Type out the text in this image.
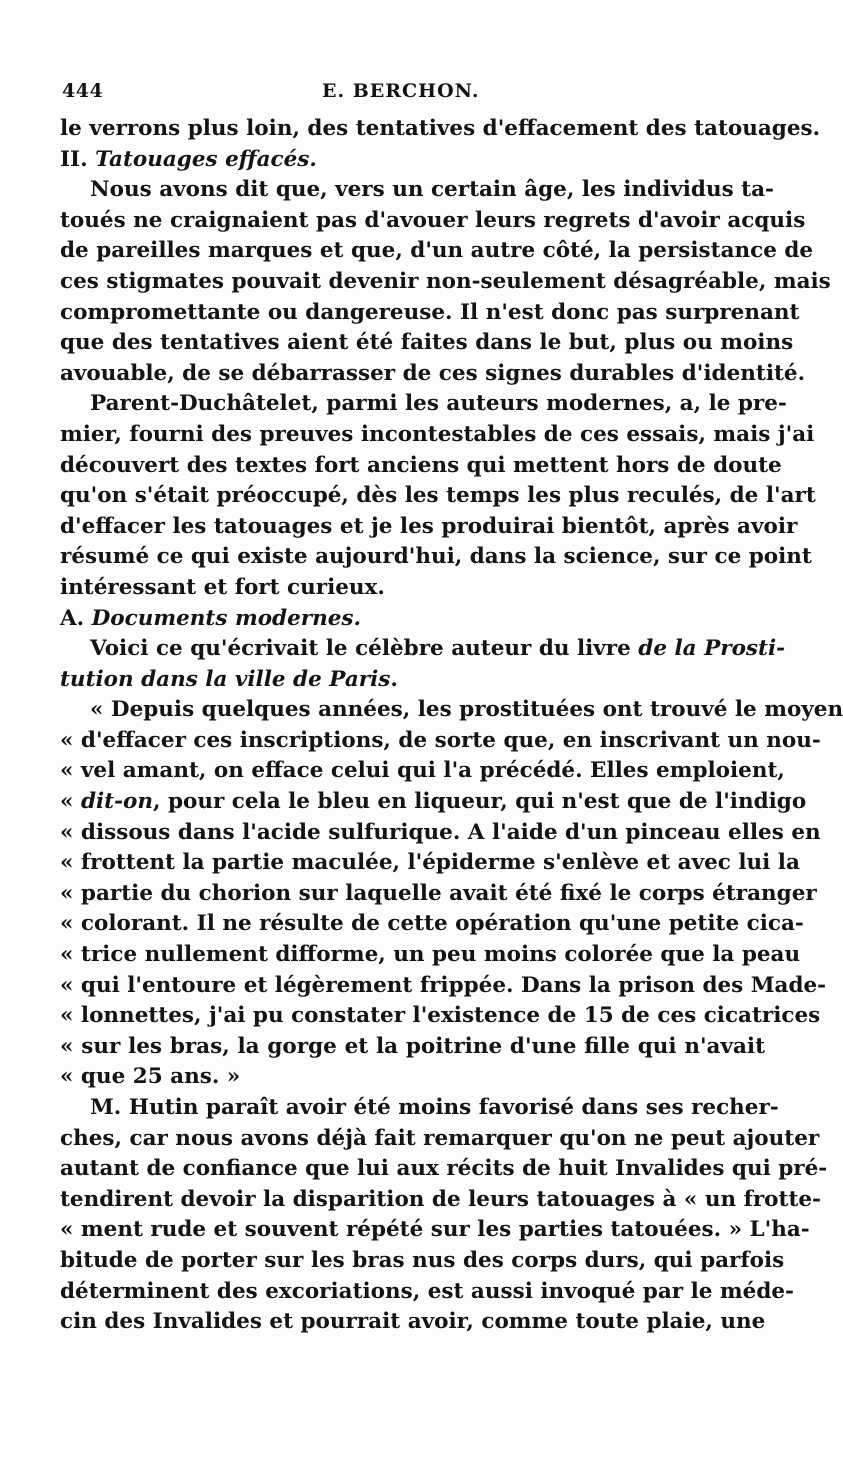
444	E. BERCHON.
le verrons plus loin, des tentatives d'effacement des tatouages.
II. Tatouages effacés.
Nous avons dit que, vers un certain âge, les individus ta-
toués ne craignaient pas d'avouer leurs regrets d'avoir acquis
de pareilles marques et que, d'un autre côté, la persistance de
ces stigmates pouvait devenir non-seulement désagréable, mais
compromettante ou dangereuse. Il n'est donc pas surprenant
que des tentatives aient été faites dans le but, plus ou moins
avouable, de se débarrasser de ces signes durables d'identité.
Parent-Duchâtelet, parmi les auteurs modernes, a, le pre-
mier, fourni des preuves incontestables de ces essais, mais j'ai
découvert des textes fort anciens qui mettent hors de doute
qu'on s'était préoccupé, dès les temps les plus reculés, de l'art
d'effacer les tatouages et je les produirai bientôt, après avoir
résumé ce qui existe aujourd'hui, dans la science, sur ce point
intéressant et fort curieux.
A. Documents modernes.
Voici ce qu'écrivait le célèbre auteur du livre de la Prosti-
tution dans la ville de Paris.
« Depuis quelques années, les prostituées ont trouvé le moyen
« d'effacer ces inscriptions, de sorte que, en inscrivant un nou-
« vel amant, on efface celui qui l'a précédé. Elles emploient,
« dit-on, pour cela le bleu en liqueur, qui n'est que de l'indigo
« dissous dans l'acide sulfurique. A l'aide d'un pinceau elles en
« frottent la partie maculée, l'épiderme s'enlève et avec lui la
« partie du chorion sur laquelle avait été fixé le corps étranger
« colorant. Il ne résulte de cette opération qu'une petite cica-
« trice nullement difforme, un peu moins colorée que la peau
« qui l'entoure et légèrement frippée. Dans la prison des Made-
« lonnettes, j'ai pu constater l'existence de 15 de ces cicatrices
« sur les bras, la gorge et la poitrine d'une fille qui n'avait
« que 25 ans. »
M. Hutin paraît avoir été moins favorisé dans ses recher-
ches, car nous avons déjà fait remarquer qu'on ne peut ajouter
autant de confiance que lui aux récits de huit Invalides qui pré-
tendirent devoir la disparition de leurs tatouages à « un frotte-
« ment rude et souvent répété sur les parties tatouées. » L'ha-
bitude de porter sur les bras nus des corps durs, qui parfois
déterminent des excoriations, est aussi invoqué par le méde-
cin des Invalides et pourrait avoir, comme toute plaie, une
